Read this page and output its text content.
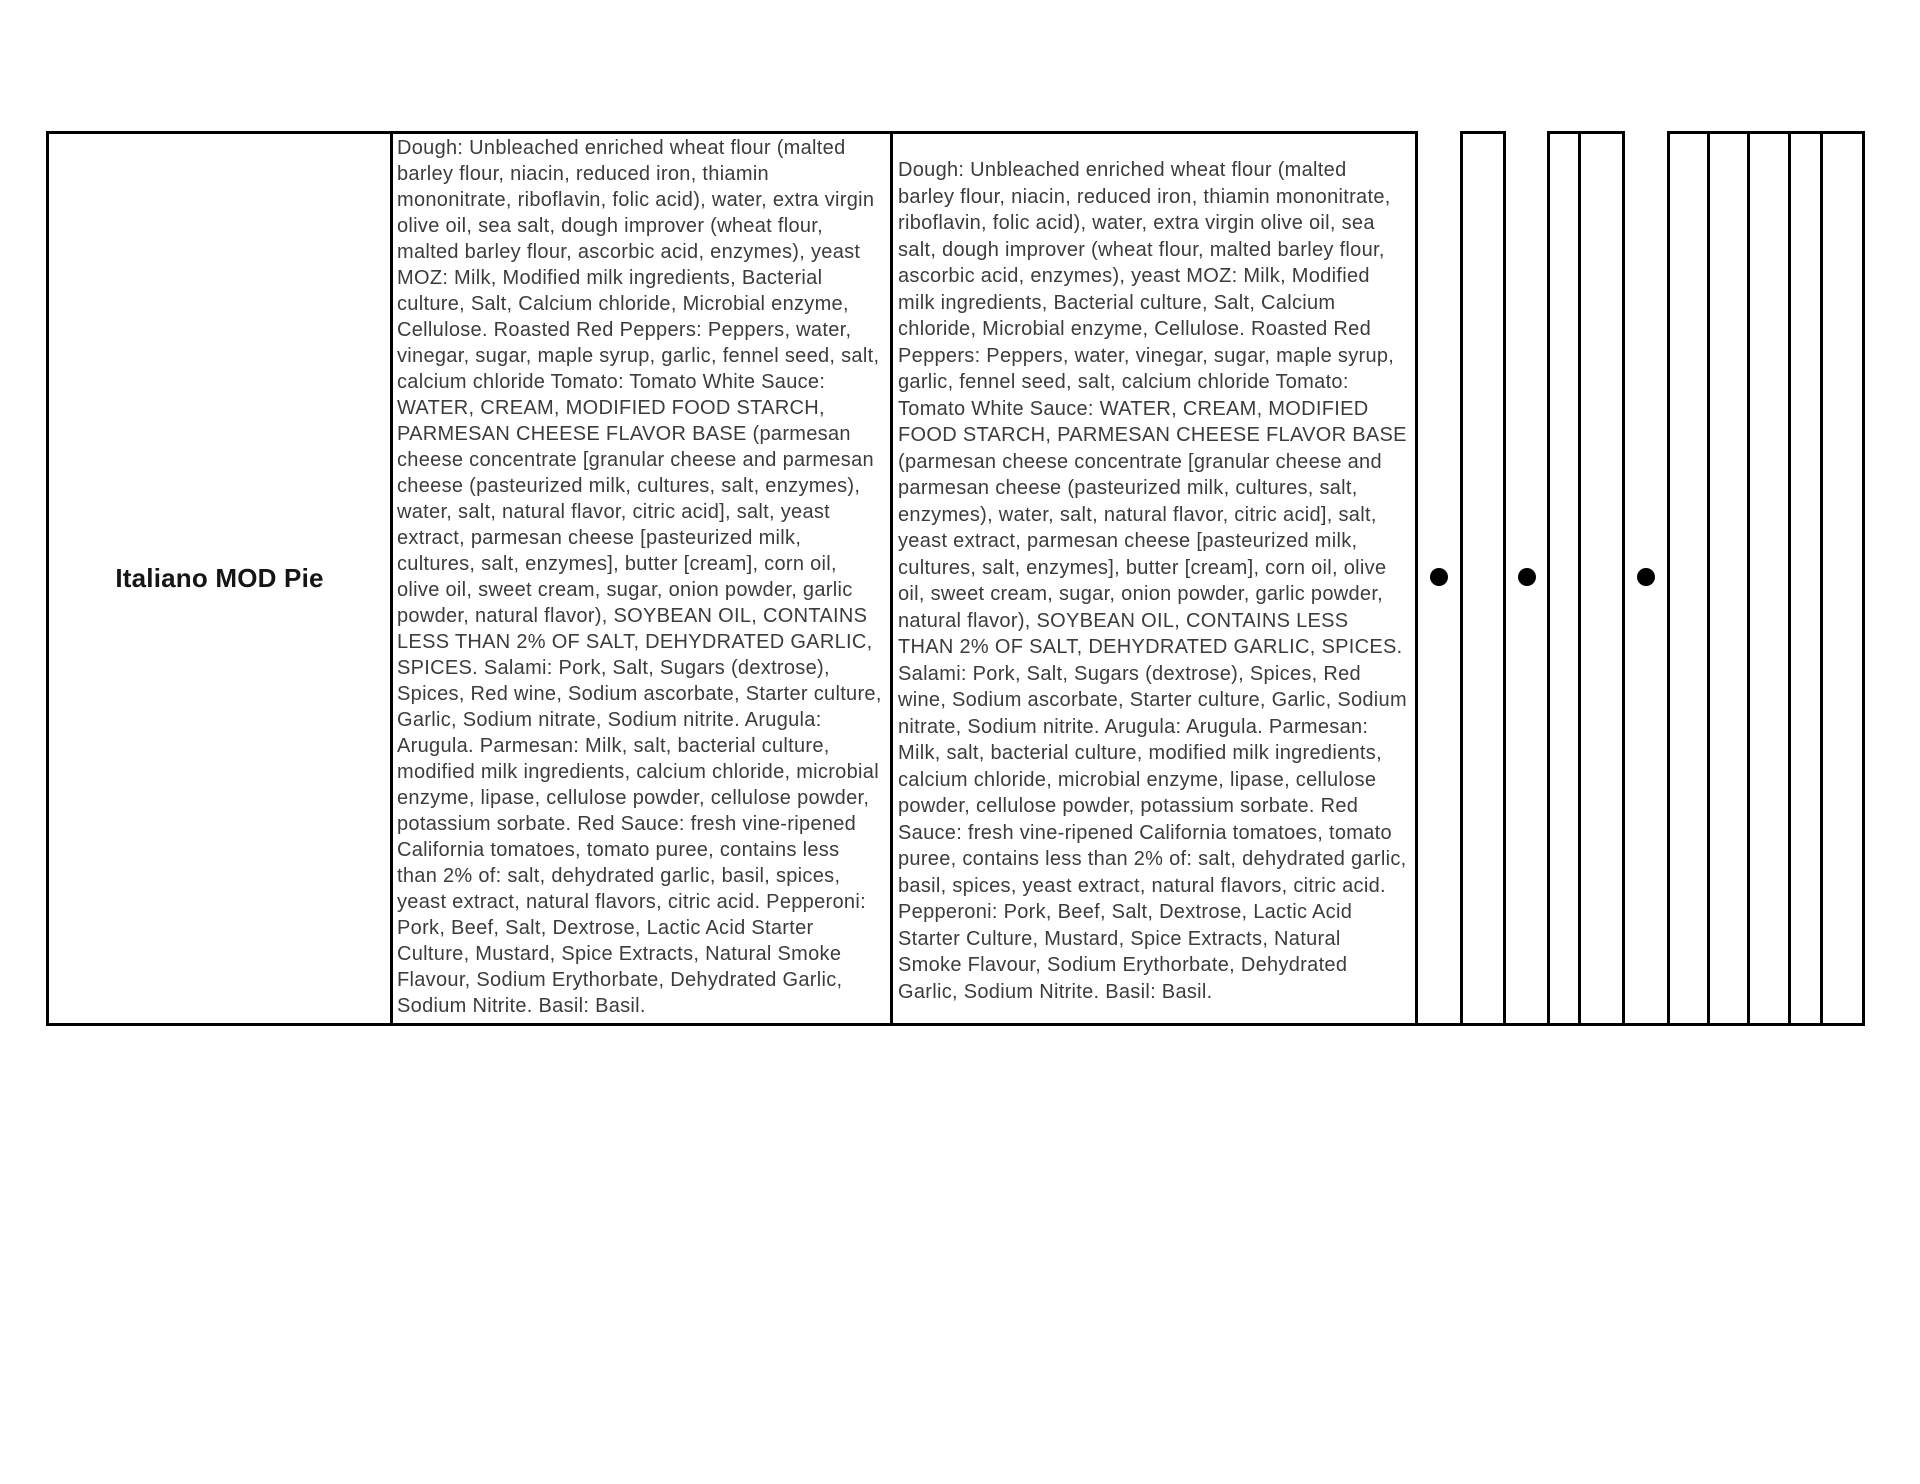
Italiano MOD Pie
Dough: Unbleached enriched wheat flour (malted barley flour, niacin, reduced iron, thiamin mononitrate, riboflavin, folic acid), water, extra virgin olive oil, sea salt, dough improver (wheat flour, malted barley flour, ascorbic acid, enzymes), yeast MOZ: Milk, Modified milk ingredients, Bacterial culture, Salt, Calcium chloride, Microbial enzyme, Cellulose. Roasted Red Peppers: Peppers, water, vinegar, sugar, maple syrup, garlic, fennel seed, salt, calcium chloride Tomato: Tomato White Sauce: WATER, CREAM, MODIFIED FOOD STARCH, PARMESAN CHEESE FLAVOR BASE (parmesan cheese concentrate [granular cheese and parmesan cheese (pasteurized milk, cultures, salt, enzymes), water, salt, natural flavor, citric acid], salt, yeast extract, parmesan cheese [pasteurized milk, cultures, salt, enzymes], butter [cream], corn oil, olive oil, sweet cream, sugar, onion powder, garlic powder, natural flavor), SOYBEAN OIL, CONTAINS LESS THAN 2% OF SALT, DEHYDRATED GARLIC, SPICES. Salami: Pork, Salt, Sugars (dextrose), Spices, Red wine, Sodium ascorbate, Starter culture, Garlic, Sodium nitrate, Sodium nitrite. Arugula: Arugula. Parmesan: Milk, salt, bacterial culture, modified milk ingredients, calcium chloride, microbial enzyme, lipase, cellulose powder, cellulose powder, potassium sorbate. Red Sauce: fresh vine-ripened California tomatoes, tomato puree, contains less than 2% of: salt, dehydrated garlic, basil, spices, yeast extract, natural flavors, citric acid. Pepperoni: Pork, Beef, Salt, Dextrose, Lactic Acid Starter Culture, Mustard, Spice Extracts, Natural Smoke Flavour, Sodium Erythorbate, Dehydrated Garlic, Sodium Nitrite. Basil: Basil.
Dough: Unbleached enriched wheat flour (malted barley flour, niacin, reduced iron, thiamin mononitrate, riboflavin, folic acid), water, extra virgin olive oil, sea salt, dough improver (wheat flour, malted barley flour, ascorbic acid, enzymes), yeast MOZ: Milk, Modified milk ingredients, Bacterial culture, Salt, Calcium chloride, Microbial enzyme, Cellulose. Roasted Red Peppers: Peppers, water, vinegar, sugar, maple syrup, garlic, fennel seed, salt, calcium chloride Tomato: Tomato White Sauce: WATER, CREAM, MODIFIED FOOD STARCH, PARMESAN CHEESE FLAVOR BASE (parmesan cheese concentrate [granular cheese and parmesan cheese (pasteurized milk, cultures, salt, enzymes), water, salt, natural flavor, citric acid], salt, yeast extract, parmesan cheese [pasteurized milk, cultures, salt, enzymes], butter [cream], corn oil, olive oil, sweet cream, sugar, onion powder, garlic powder, natural flavor), SOYBEAN OIL, CONTAINS LESS THAN 2% OF SALT, DEHYDRATED GARLIC, SPICES. Salami: Pork, Salt, Sugars (dextrose), Spices, Red wine, Sodium ascorbate, Starter culture, Garlic, Sodium nitrate, Sodium nitrite. Arugula: Arugula. Parmesan: Milk, salt, bacterial culture, modified milk ingredients, calcium chloride, microbial enzyme, lipase, cellulose powder, cellulose powder, potassium sorbate. Red Sauce: fresh vine-ripened California tomatoes, tomato puree, contains less than 2% of: salt, dehydrated garlic, basil, spices, yeast extract, natural flavors, citric acid. Pepperoni: Pork, Beef, Salt, Dextrose, Lactic Acid Starter Culture, Mustard, Spice Extracts, Natural Smoke Flavour, Sodium Erythorbate, Dehydrated Garlic, Sodium Nitrite. Basil: Basil.
